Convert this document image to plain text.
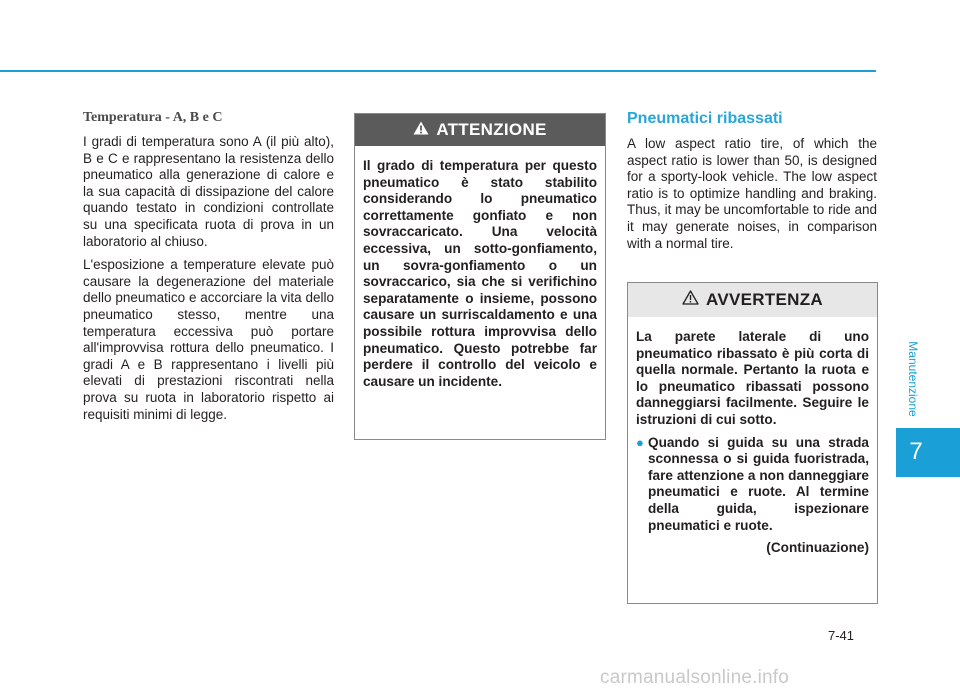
Temperatura - A, B e C
I gradi di temperatura sono A (il più alto), B e C e rappresentano la resistenza dello pneumatico alla generazione di calore e la sua capacità di dissipazione del calore quando testato in condizioni controllate su una specificata ruota di prova in un laboratorio al chiuso.
L'esposizione a temperature elevate può causare la degenerazione del materiale dello pneumatico e accorciare la vita dello pneumatico stesso, mentre una temperatura eccessiva può portare all'improvvisa rottura dello pneumatico. I gradi A e B rappresentano i livelli più elevati di prestazioni riscontrati nella prova su ruota in laboratorio rispetto ai requisiti minimi di legge.
ATTENZIONE
Il grado di temperatura per questo pneumatico è stato stabilito considerando lo pneumatico correttamente gonfiato e non sovraccaricato. Una velocità eccessiva, un sotto-gonfiamento, un sovra-gonfiamento o un sovraccarico, sia che si verifichino separatamente o insieme, possono causare un surriscaldamento e una possibile rottura improvvisa dello pneumatico. Questo potrebbe far perdere il controllo del veicolo e causare un incidente.
Pneumatici ribassati
A low aspect ratio tire, of which the aspect ratio is lower than 50, is designed for a sporty-look vehicle. The low aspect ratio is to optimize handling and braking. Thus, it may be uncomfortable to ride and it may generate noises, in comparison with a normal tire.
AVVERTENZA
La parete laterale di uno pneumatico ribassato è più corta di quella normale. Pertanto la ruota e lo pneumatico ribassati possono danneggiarsi facilmente. Seguire le istruzioni di cui sotto.
● Quando si guida su una strada sconnessa o si guida fuoristrada, fare attenzione a non danneggiare pneumatici e ruote. Al termine della guida, ispezionare pneumatici e ruote.
(Continuazione)
Manutenzione
7
7-41
carmanualsonline.info
